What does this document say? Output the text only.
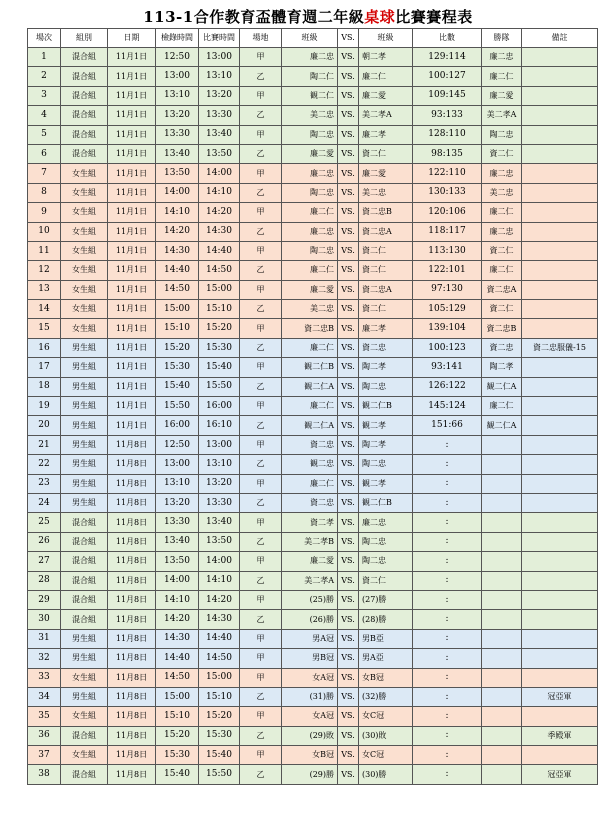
113-1合作教育盃體育週二年級桌球比賽賽程表
場次	組別	日期	檢錄時間	比賽時間	場地	班級	VS.	班級	比數	勝隊	備註
1	混合組	11月1日	12:50	13:00	甲	廉二忠	VS.	朝二孝	129:114	廉二忠	
2	混合組	11月1日	13:00	13:10	乙	陶二仁	VS.	廉二仁	100:127	廉二仁	
3	混合組	11月1日	13:10	13:20	甲	観二仁	VS.	廉二愛	109:145	廉二愛	
4	混合組	11月1日	13:20	13:30	乙	美二忠	VS.	美二孝A	93:133	美二孝A	
5	混合組	11月1日	13:30	13:40	甲	陶二忠	VS.	廉二孝	128:110	陶二忠	
6	混合組	11月1日	13:40	13:50	乙	廉二愛	VS.	資二仁	98:135	資二仁	
7	女生組	11月1日	13:50	14:00	甲	廉二忠	VS.	廉二愛	122:110	廉二忠	
8	女生組	11月1日	14:00	14:10	乙	陶二忠	VS.	美二忠	130:133	美二忠	
9	女生組	11月1日	14:10	14:20	甲	廉二仁	VS.	資二忠B	120:106	廉二仁	
10	女生組	11月1日	14:20	14:30	乙	廉二忠	VS.	資二忠A	118:117	廉二忠	
11	女生組	11月1日	14:30	14:40	甲	陶二忠	VS.	資二仁	113:130	資二仁	
12	女生組	11月1日	14:40	14:50	乙	廉二仁	VS.	資二仁	122:101	廉二仁	
13	女生組	11月1日	14:50	15:00	甲	廉二愛	VS.	資二忠A	97:130	資二忠A	
14	女生組	11月1日	15:00	15:10	乙	美二忠	VS.	資二仁	105:129	資二仁	
15	女生組	11月1日	15:10	15:20	甲	資二忠B	VS.	廉二孝	139:104	資二忠B	
16	男生組	11月1日	15:20	15:30	乙	廉二仁	VS.	資二忠	100:123	資二忠	資二忠服儀-15
17	男生組	11月1日	15:30	15:40	甲	観二仁B	VS.	陶二孝	93:141	陶二孝	
18	男生組	11月1日	15:40	15:50	乙	観二仁A	VS.	陶二忠	126:122	観二仁A	
19	男生組	11月1日	15:50	16:00	甲	廉二仁	VS.	観二仁B	145:124	廉二仁	
20	男生組	11月1日	16:00	16:10	乙	観二仁A	VS.	観二孝	151:66	観二仁A	
21	男生組	11月8日	12:50	13:00	甲	資二忠	VS.	陶二孝	:		
22	男生組	11月8日	13:00	13:10	乙	観二忠	VS.	陶二忠	:		
23	男生組	11月8日	13:10	13:20	甲	廉二仁	VS.	観二孝	:		
24	男生組	11月8日	13:20	13:30	乙	資二忠	VS.	観二仁B	:		
25	混合組	11月8日	13:30	13:40	甲	資二孝	VS.	廉二忠	:		
26	混合組	11月8日	13:40	13:50	乙	美二孝B	VS.	陶二忠	:		
27	混合組	11月8日	13:50	14:00	甲	廉二愛	VS.	陶二忠	:		
28	混合組	11月8日	14:00	14:10	乙	美二孝A	VS.	資二仁	:		
29	混合組	11月8日	14:10	14:20	甲	(25)勝	VS.	(27)勝	:		
30	混合組	11月8日	14:20	14:30	乙	(26)勝	VS.	(28)勝	:		
31	男生組	11月8日	14:30	14:40	甲	男A冠	VS.	男B亞	:		
32	男生組	11月8日	14:40	14:50	甲	男B冠	VS.	男A亞	:		
33	女生組	11月8日	14:50	15:00	甲	女A冠	VS.	女B冠	:		
34	男生組	11月8日	15:00	15:10	乙	(31)勝	VS.	(32)勝	:		冠亞軍
35	女生組	11月8日	15:10	15:20	甲	女A冠	VS.	女C冠	:		
36	混合組	11月8日	15:20	15:30	乙	(29)敗	VS.	(30)敗	:		季殿軍
37	女生組	11月8日	15:30	15:40	甲	女B冠	VS.	女C冠	:		
38	混合組	11月8日	15:40	15:50	乙	(29)勝	VS.	(30)勝	:		冠亞軍
